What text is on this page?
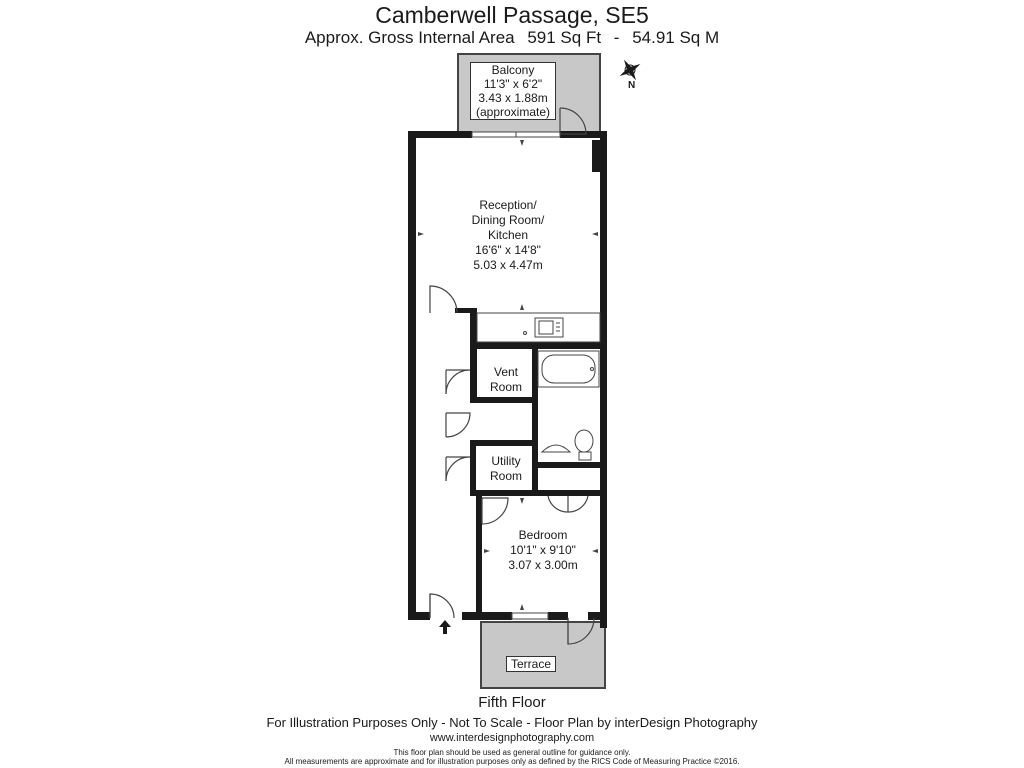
Camberwell Passage, SE5
Approx. Gross Internal Area 591 Sq Ft - 54.91 Sq M
N
Balcony
11'3" x 6'2"
3.43 x 1.88m
(approximate)
Reception/
Dining Room/
Kitchen
16'6" x 14'8"
5.03 x 4.47m
Vent
Room
Utility
Room
Bedroom
10'1" x 9'10"
3.07 x 3.00m
Terrace
Fifth Floor
For Illustration Purposes Only - Not To Scale - Floor Plan by interDesign Photography
www.interdesignphotography.com
This floor plan should be used as general outline for guidance only.
All measurements are approximate and for illustration purposes only as defined by the RICS Code of Measuring Practice ©2016.
